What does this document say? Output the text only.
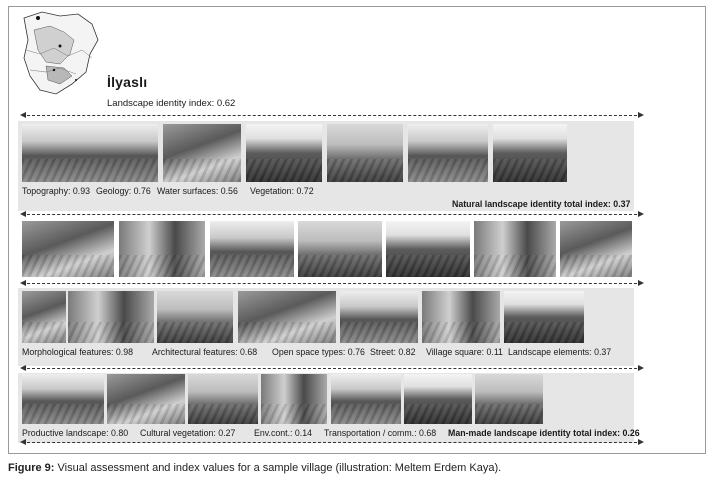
İlyaslı
Landscape identity index: 0.62
Topography: 0.93 Geology: 0.76 Water surfaces: 0.56 Vegetation: 0.72
Natural landscape identity total index: 0.37
Morphological features: 0.98 Architectural features: 0.68 Open space types: 0.76 Street: 0.82 Village square: 0.11 Landscape elements: 0.37
Productive landscape: 0.80 Cultural vegetation: 0.27 Env.cont.: 0.14 Transportation / comm.: 0.68 Man-made landscape identity total index: 0.26
Figure 9: Visual assessment and index values for a sample village (illustration: Meltem Erdem Kaya).
